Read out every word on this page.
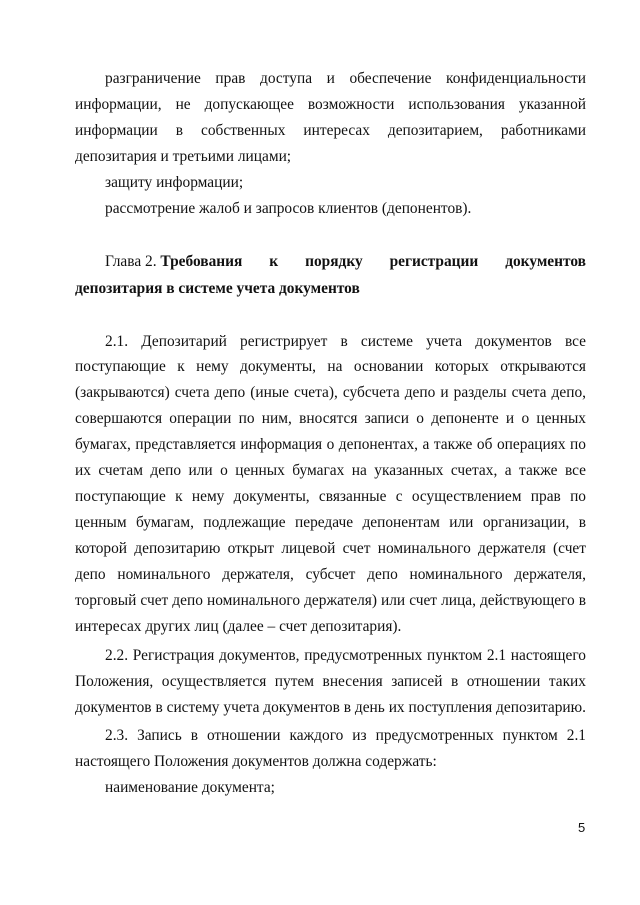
разграничение прав доступа и обеспечение конфиденциальности
информации, не допускающее возможности использования указанной
информации в собственных интересах депозитарием, работниками
депозитария и третьими лицами;
защиту информации;
рассмотрение жалоб и запросов клиентов (депонентов).
Глава 2. Требования к порядку регистрации документов
депозитария в системе учета документов
2.1. Депозитарий регистрирует в системе учета документов все
поступающие к нему документы, на основании которых открываются
(закрываются) счета депо (иные счета), субсчета депо и разделы счета депо,
совершаются операции по ним, вносятся записи о депоненте и о ценных
бумагах, представляется информация о депонентах, а также об операциях по
их счетам депо или о ценных бумагах на указанных счетах, а также все
поступающие к нему документы, связанные с осуществлением прав по
ценным бумагам, подлежащие передаче депонентам или организации, в
которой депозитарию открыт лицевой счет номинального держателя (счет
депо номинального держателя, субсчет депо номинального держателя,
торговый счет депо номинального держателя) или счет лица, действующего в
интересах других лиц (далее – счет депозитария).
2.2. Регистрация документов, предусмотренных пунктом 2.1 настоящего
Положения, осуществляется путем внесения записей в отношении таких
документов в систему учета документов в день их поступления депозитарию.
2.3. Запись в отношении каждого из предусмотренных пунктом 2.1
настоящего Положения документов должна содержать:
наименование документа;
5
